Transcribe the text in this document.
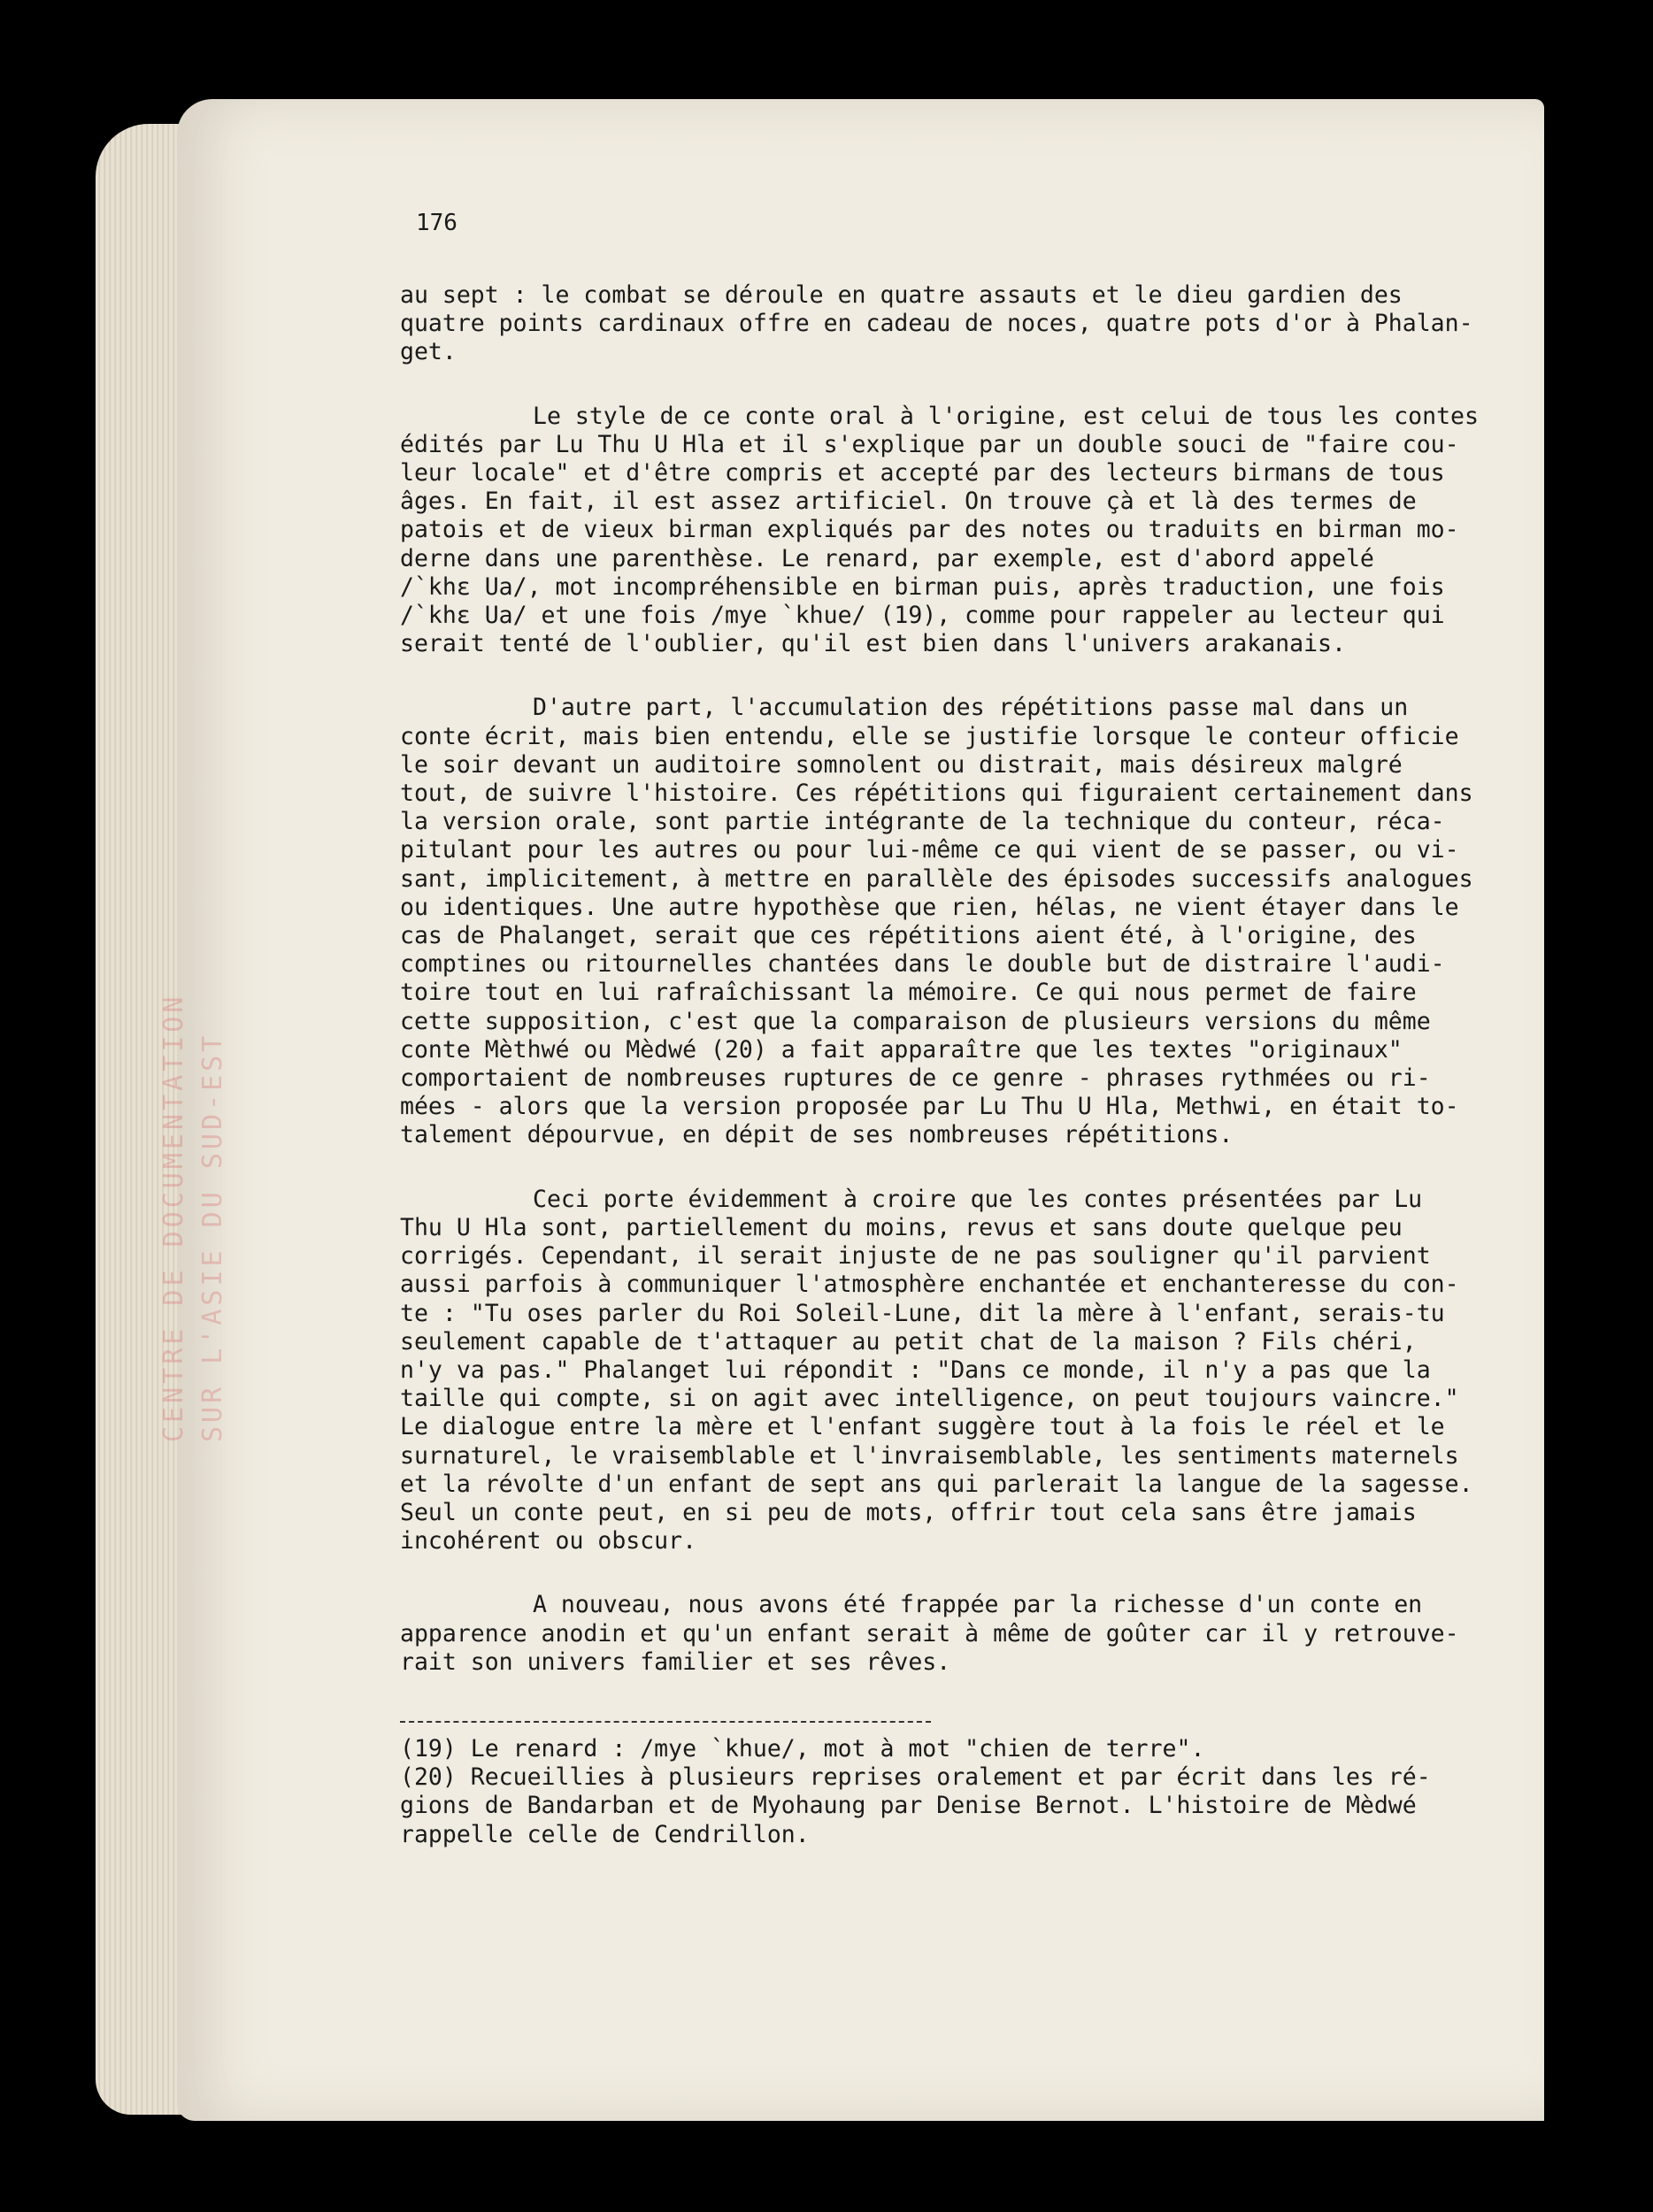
CENTRE DE DOCUMENTATION
SUR L'ASIE DU SUD-EST
176
au sept : le combat se déroule en quatre assauts et le dieu gardien des
quatre points cardinaux offre en cadeau de noces, quatre pots d'or à Phalan-
get.
Le style de ce conte oral à l'origine, est celui de tous les contes
édités par Lu Thu U Hla et il s'explique par un double souci de "faire cou-
leur locale" et d'être compris et accepté par des lecteurs birmans de tous
âges. En fait, il est assez artificiel. On trouve çà et là des termes de
patois et de vieux birman expliqués par des notes ou traduits en birman mo-
derne dans une parenthèse. Le renard, par exemple, est d'abord appelé
/`khɛ Ua/, mot incompréhensible en birman puis, après traduction, une fois
/`khɛ Ua/ et une fois /mye `khue/ (19), comme pour rappeler au lecteur qui
serait tenté de l'oublier, qu'il est bien dans l'univers arakanais.
D'autre part, l'accumulation des répétitions passe mal dans un
conte écrit, mais bien entendu, elle se justifie lorsque le conteur officie
le soir devant un auditoire somnolent ou distrait, mais désireux malgré
tout, de suivre l'histoire. Ces répétitions qui figuraient certainement dans
la version orale, sont partie intégrante de la technique du conteur, réca-
pitulant pour les autres ou pour lui-même ce qui vient de se passer, ou vi-
sant, implicitement, à mettre en parallèle des épisodes successifs analogues
ou identiques. Une autre hypothèse que rien, hélas, ne vient étayer dans le
cas de Phalanget, serait que ces répétitions aient été, à l'origine, des
comptines ou ritournelles chantées dans le double but de distraire l'audi-
toire tout en lui rafraîchissant la mémoire. Ce qui nous permet de faire
cette supposition, c'est que la comparaison de plusieurs versions du même
conte Mèthwé ou Mèdwé (20) a fait apparaître que les textes "originaux"
comportaient de nombreuses ruptures de ce genre - phrases rythmées ou ri-
mées - alors que la version proposée par Lu Thu U Hla, Methwi, en était to-
talement dépourvue, en dépit de ses nombreuses répétitions.
Ceci porte évidemment à croire que les contes présentées par Lu
Thu U Hla sont, partiellement du moins, revus et sans doute quelque peu
corrigés. Cependant, il serait injuste de ne pas souligner qu'il parvient
aussi parfois à communiquer l'atmosphère enchantée et enchanteresse du con-
te : "Tu oses parler du Roi Soleil-Lune, dit la mère à l'enfant, serais-tu
seulement capable de t'attaquer au petit chat de la maison ? Fils chéri,
n'y va pas." Phalanget lui répondit : "Dans ce monde, il n'y a pas que la
taille qui compte, si on agit avec intelligence, on peut toujours vaincre."
Le dialogue entre la mère et l'enfant suggère tout à la fois le réel et le
surnaturel, le vraisemblable et l'invraisemblable, les sentiments maternels
et la révolte d'un enfant de sept ans qui parlerait la langue de la sagesse.
Seul un conte peut, en si peu de mots, offrir tout cela sans être jamais
incohérent ou obscur.
A nouveau, nous avons été frappée par la richesse d'un conte en
apparence anodin et qu'un enfant serait à même de goûter car il y retrouve-
rait son univers familier et ses rêves.
(19) Le renard : /mye `khue/, mot à mot "chien de terre".
(20) Recueillies à plusieurs reprises oralement et par écrit dans les ré-
gions de Bandarban et de Myohaung par Denise Bernot. L'histoire de Mèdwé
rappelle celle de Cendrillon.
